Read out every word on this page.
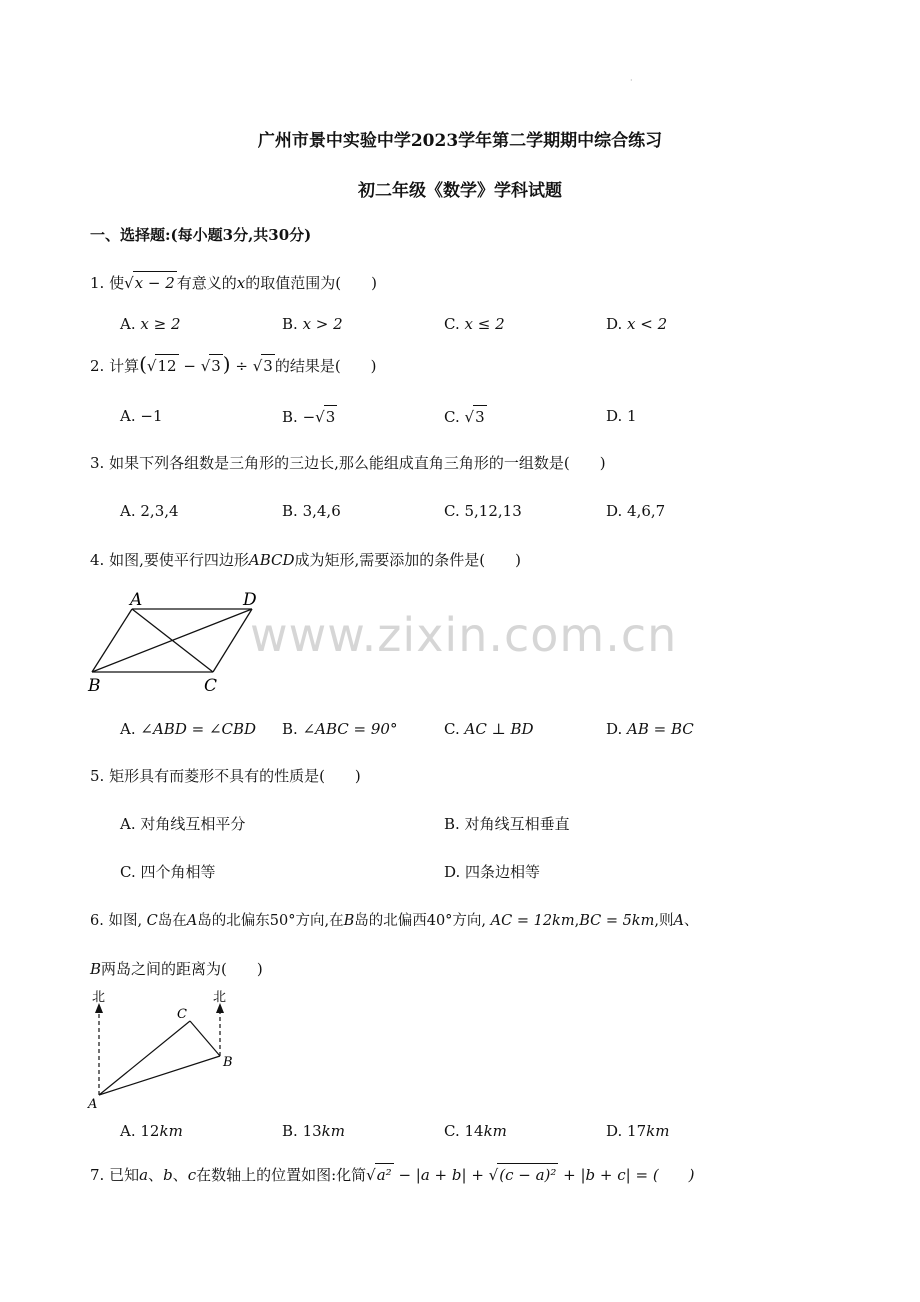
·
广州市景中实验中学2023学年第二学期期中综合练习
初二年级《数学》学科试题
一、选择题:(每小题3分,共30分)
1. 使√x − 2 有意义的x的取值范围为(　　)
A. x ≥ 2	B. x > 2	C. x ≤ 2	D. x < 2
2. 计算(√12 − √3 ) ÷ √3 的结果是(　　)
A. −1	B. −√3	C. √3	D. 1
3. 如果下列各组数是三角形的三边长,那么能组成直角三角形的一组数是(　　)
A. 2,3,4	B. 3,4,6	C. 5,12,13	D. 4,6,7
4. 如图,要使平行四边形ABCD成为矩形,需要添加的条件是(　　)
www.zixin.com.cn
A	D
B	C
A. ∠ABD = ∠CBD B. ∠ABC = 90°	C. AC ⊥ BD	D. AB = BC
5. 矩形具有而菱形不具有的性质是(　　)
A. 对角线互相平分	B. 对角线互相垂直
C. 四个角相等	D. 四条边相等
6. 如图, C岛在A岛的北偏东50°方向,在B岛的北偏西40°方向, AC = 12km,BC = 5km,则A、
B两岛之间的距离为(　　)
北	北
C
B
A
A. 12km	B. 13km	C. 14km	D. 17km
7. 已知a、b、c在数轴上的位置如图:化简√a² − |a + b| + √(c − a)² + |b + c| = (　　)
